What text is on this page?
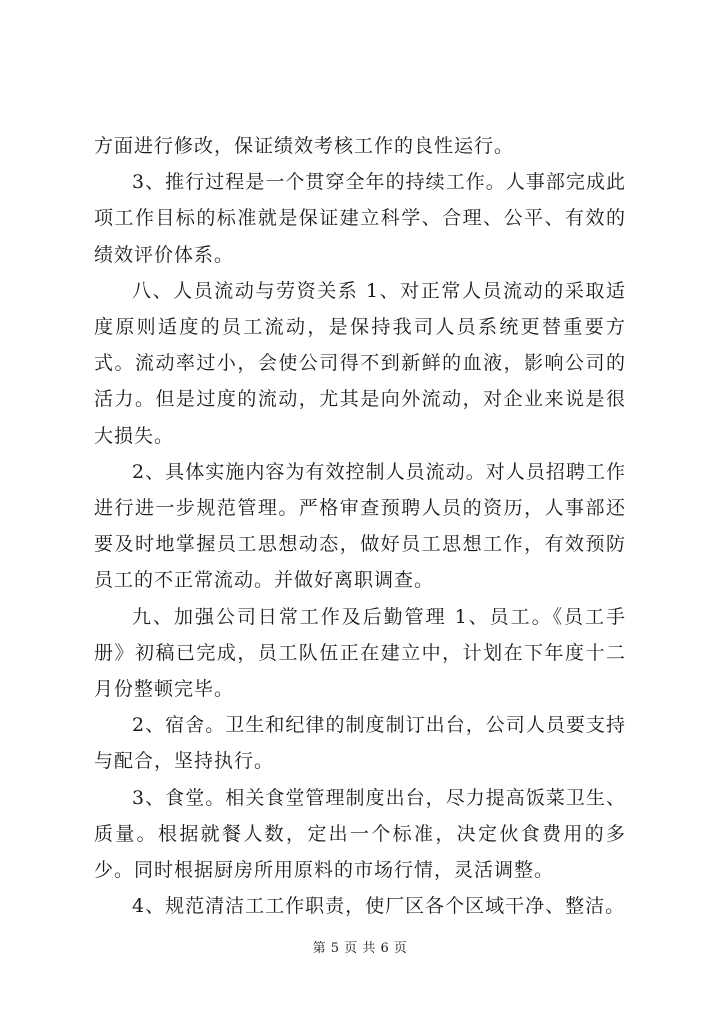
方面进行修改，保证绩效考核工作的良性运行。

3、推行过程是一个贯穿全年的持续工作。人事部完成此项工作目标的标准就是保证建立科学、合理、公平、有效的绩效评价体系。

八、人员流动与劳资关系 1、对正常人员流动的采取适度原则适度的员工流动，是保持我司人员系统更替重要方式。流动率过小，会使公司得不到新鲜的血液，影响公司的活力。但是过度的流动，尤其是向外流动，对企业来说是很大损失。

2、具体实施内容为有效控制人员流动。对人员招聘工作进行进一步规范管理。严格审查预聘人员的资历，人事部还要及时地掌握员工思想动态，做好员工思想工作，有效预防员工的不正常流动。并做好离职调查。

九、加强公司日常工作及后勤管理 1、员工。《员工手册》初稿已完成，员工队伍正在建立中，计划在下年度十二月份整顿完毕。

2、宿舍。卫生和纪律的制度制订出台，公司人员要支持与配合，坚持执行。

3、食堂。相关食堂管理制度出台，尽力提高饭菜卫生、质量。根据就餐人数，定出一个标准，决定伙食费用的多少。同时根据厨房所用原料的市场行情，灵活调整。

4、规范清洁工工作职责，使厂区各个区域干净、整洁。

第 5 页 共 6 页
